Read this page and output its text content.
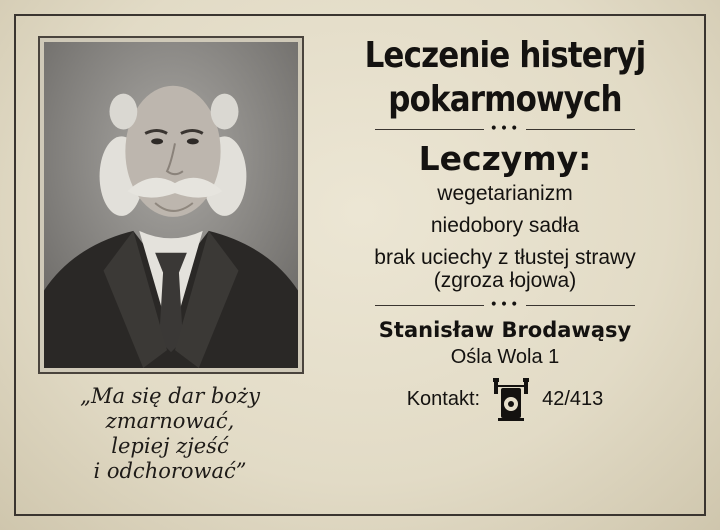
„Ma się dar boży
zmarnować,
lepiej zjeść
i odchorować”
Leczenie histeryj
pokarmowych
•••
Leczymy:
wegetarianizm
niedobory sadła
brak uciechy z tłustej strawy
(zgroza łojowa)
•••
Stanisław Brodawąsy
Ośla Wola 1
Kontakt:	42/413
